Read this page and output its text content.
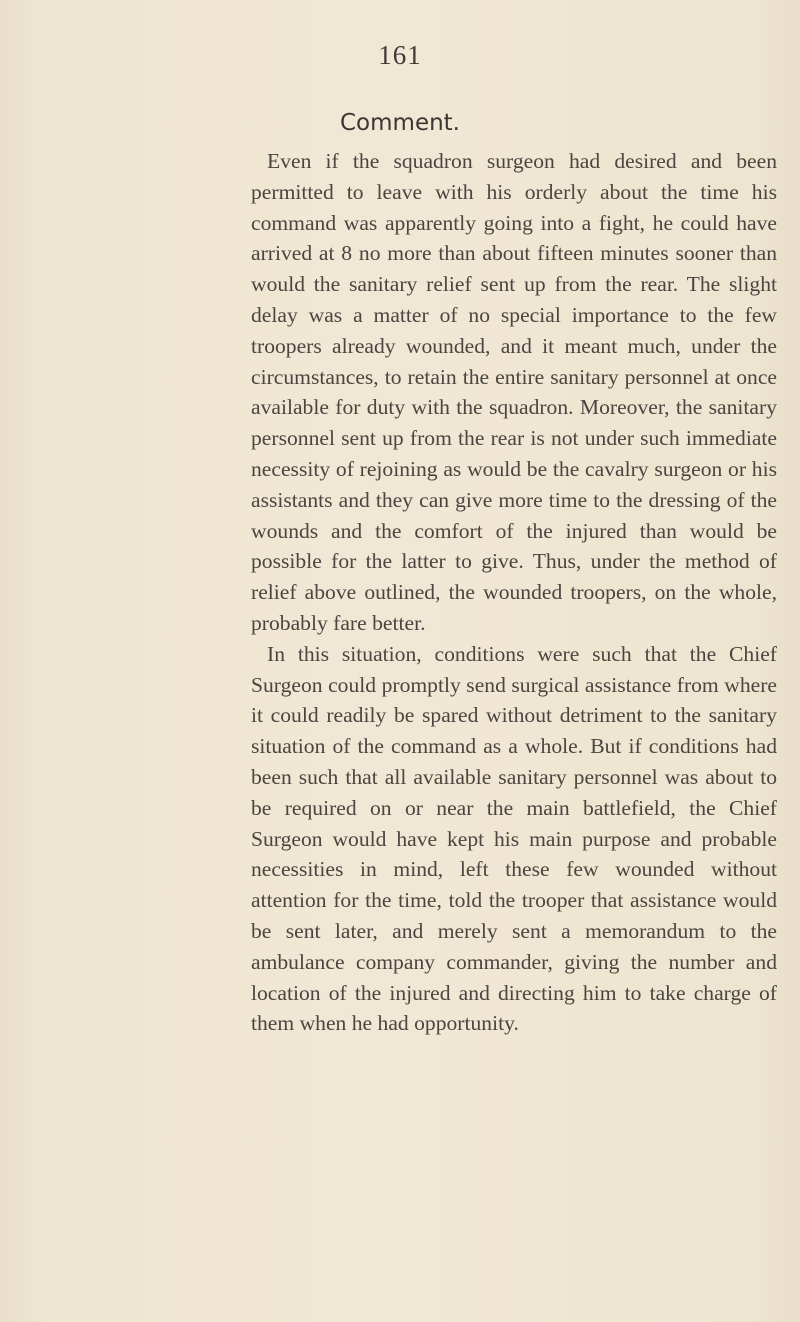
161
Comment.

Even if the squadron surgeon had desired and been permitted to leave with his orderly about the time his command was apparently going into a fight, he could have arrived at 8 no more than about fifteen minutes sooner than would the sanitary relief sent up from the rear. The slight delay was a matter of no special importance to the few troopers already wounded, and it meant much, under the circumstances, to retain the entire sanitary personnel at once available for duty with the squadron. Moreover, the sanitary personnel sent up from the rear is not under such immediate necessity of rejoining as would be the cavalry surgeon or his assistants and they can give more time to the dressing of the wounds and the comfort of the injured than would be possible for the latter to give. Thus, under the method of relief above outlined, the wounded troopers, on the whole, probably fare better.

In this situation, conditions were such that the Chief Surgeon could promptly send surgical assistance from where it could readily be spared without detriment to the sanitary situation of the command as a whole. But if conditions had been such that all available sanitary personnel was about to be required on or near the main battlefield, the Chief Surgeon would have kept his main purpose and probable necessities in mind, left these few wounded without attention for the time, told the trooper that assistance would be sent later, and merely sent a memorandum to the ambulance company commander, giving the number and location of the injured and directing him to take charge of them when he had opportunity.
